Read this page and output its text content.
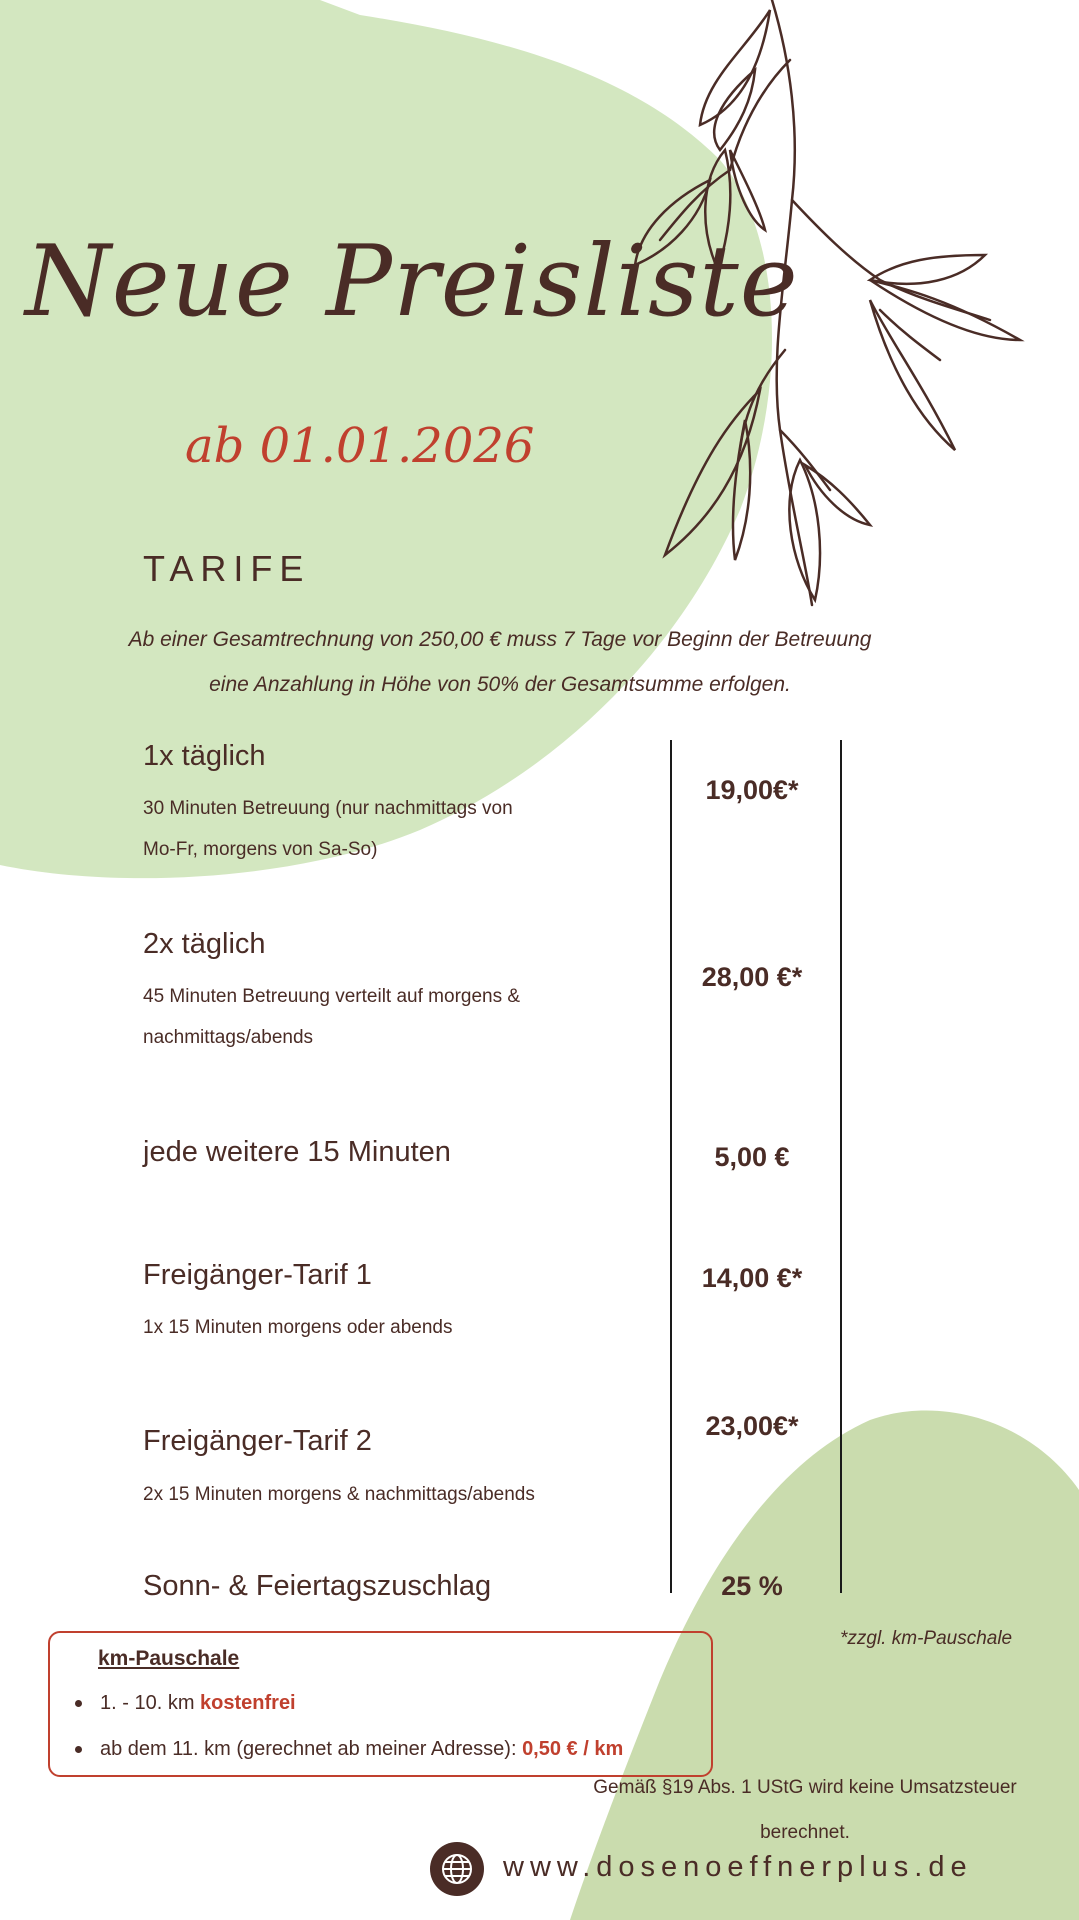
Neue Preisliste
ab 01.01.2026
TARIFE
Ab einer Gesamtrechnung von 250,00 € muss 7 Tage vor Beginn der Betreuung
eine Anzahlung in Höhe von 50% der Gesamtsumme erfolgen.
1x täglich
30 Minuten Betreuung (nur nachmittags von
Mo-Fr, morgens von Sa-So)
19,00€*
2x täglich
45 Minuten Betreuung verteilt auf morgens &
nachmittags/abends
28,00 €*
jede weitere 15 Minuten	5,00 €
Freigänger-Tarif 1
1x 15 Minuten morgens oder abends
14,00 €*
Freigänger-Tarif 2
2x 15 Minuten morgens & nachmittags/abends
23,00€*
Sonn- & Feiertagszuschlag	25 %
*zzgl. km-Pauschale
km-Pauschale
1. - 10. km kostenfrei
ab dem 11. km (gerechnet ab meiner Adresse): 0,50 € / km
Gemäß §19 Abs. 1 UStG wird keine Umsatzsteuer
berechnet.
www.dosenoeffnerplus.de
